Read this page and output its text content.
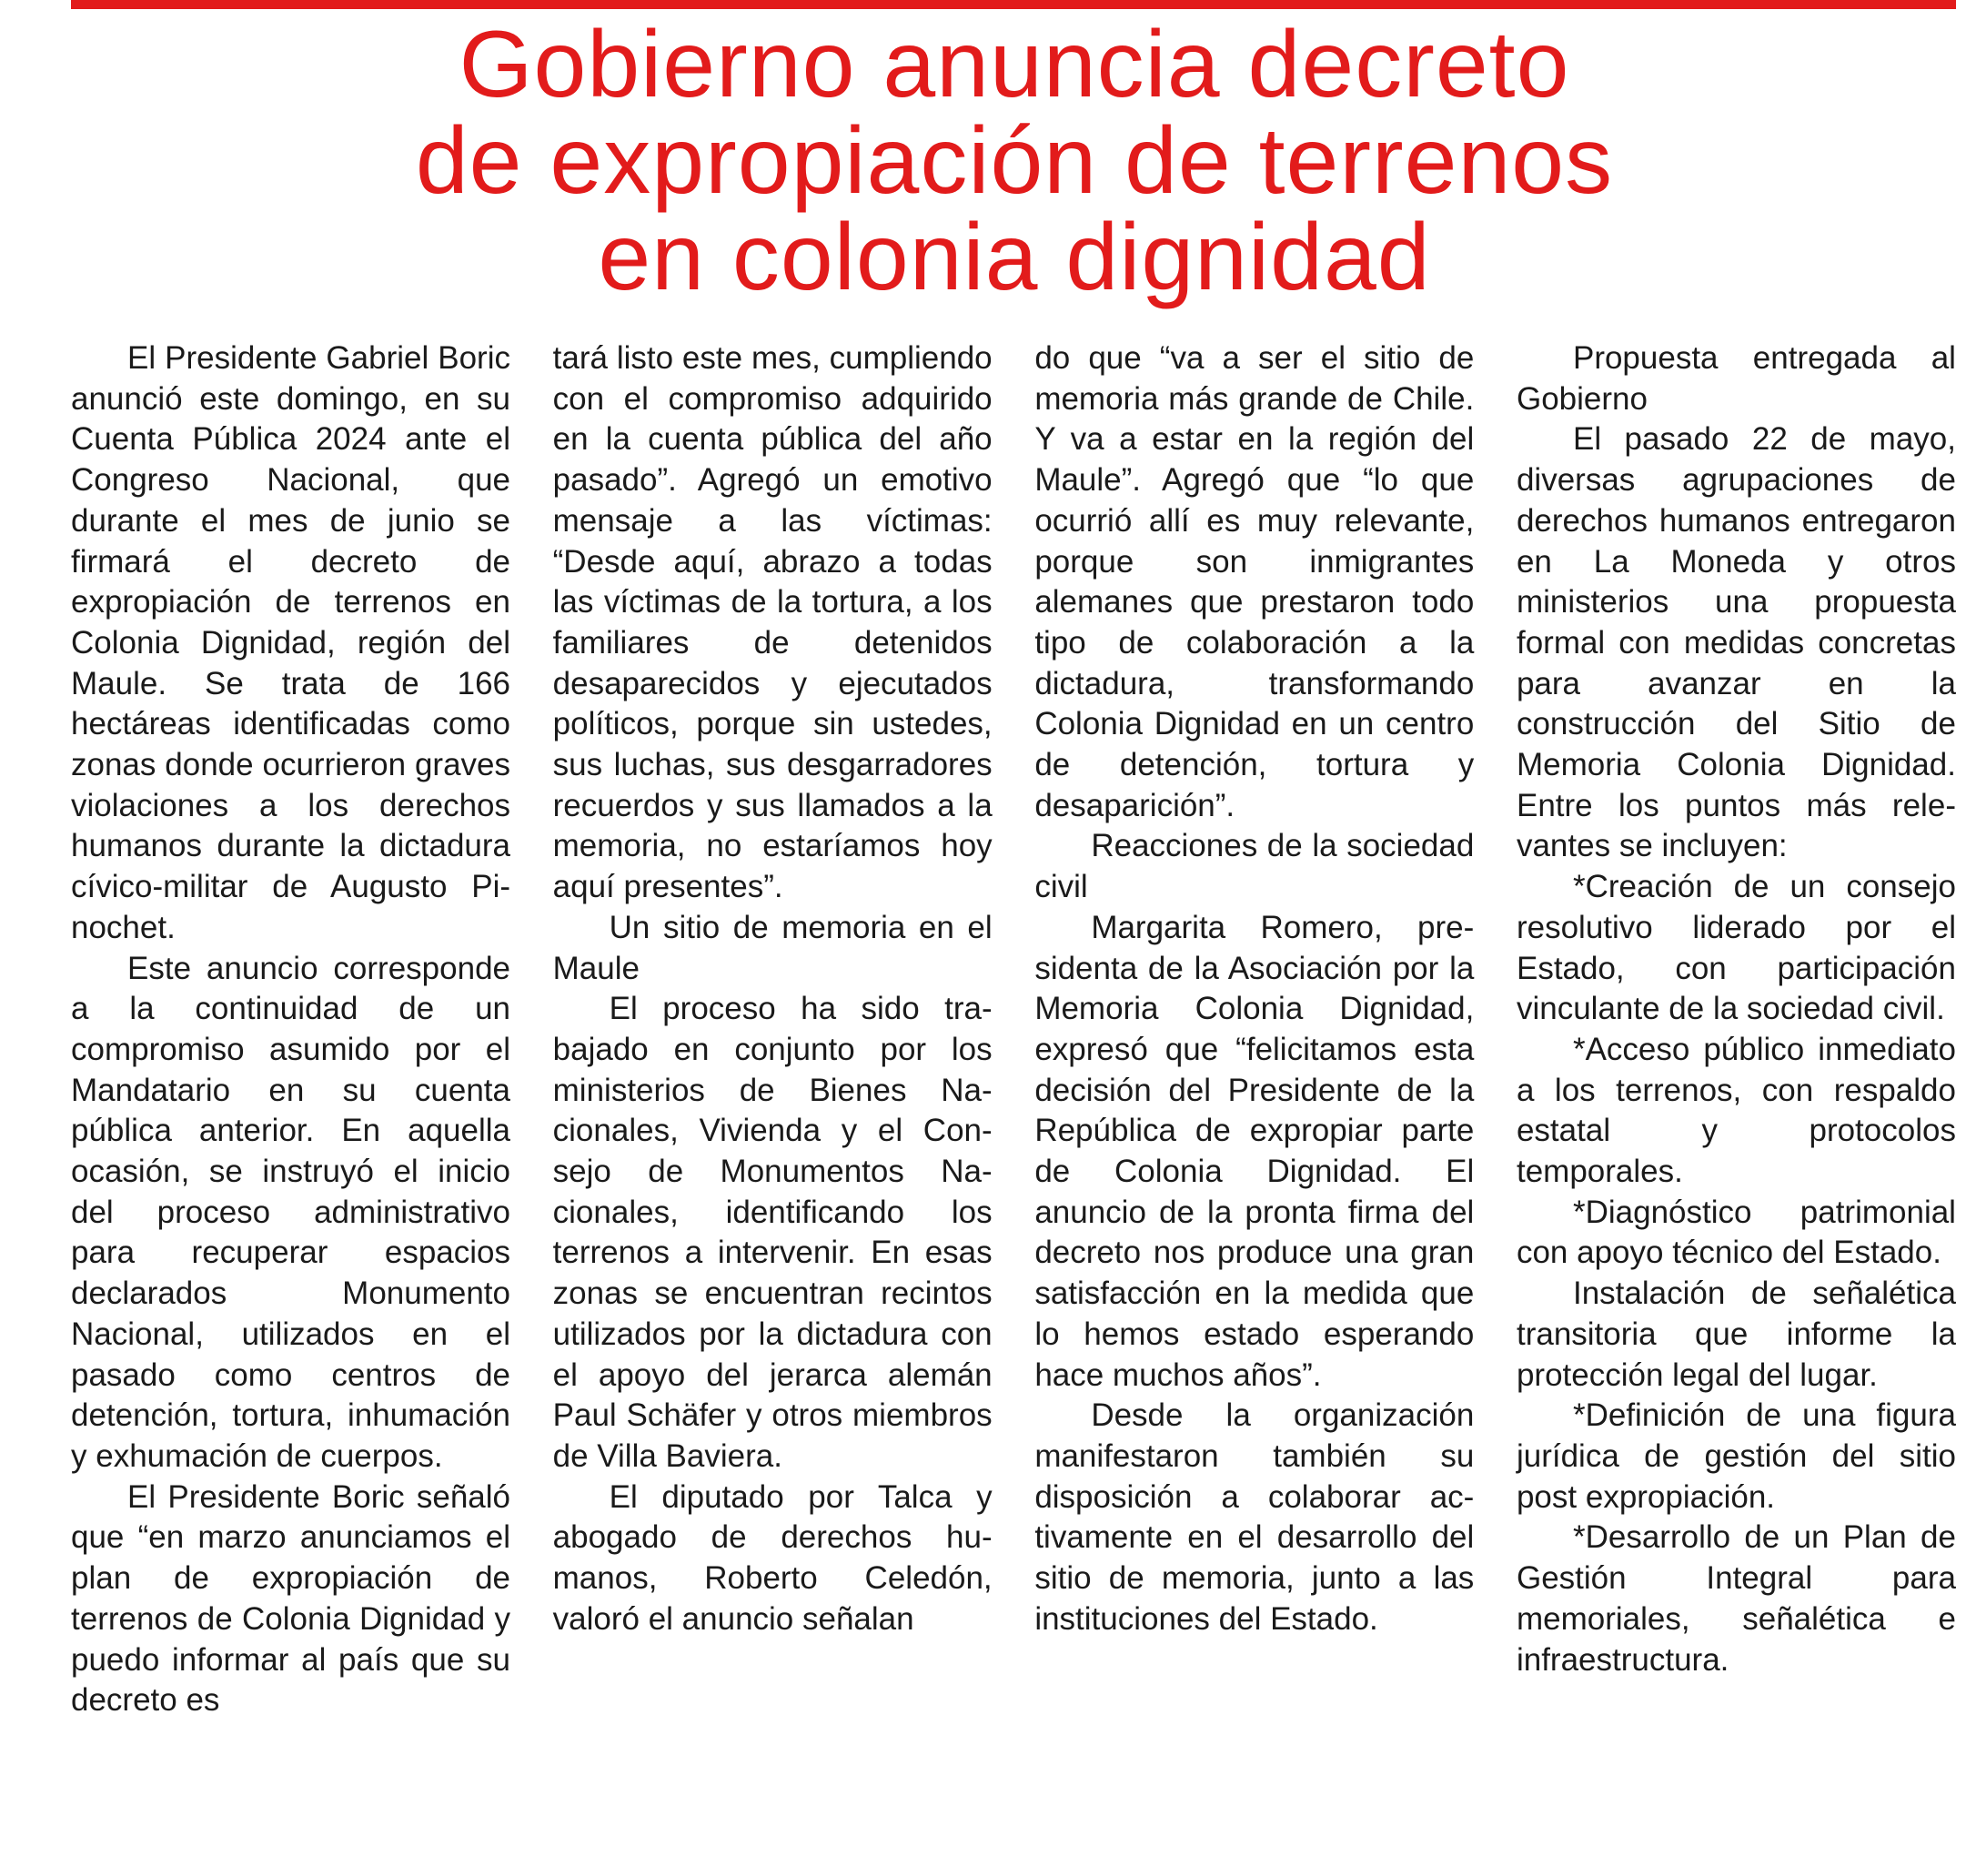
Gobierno anuncia decreto
de expropiación de terrenos
en colonia dignidad

El Presidente Gabriel Boric anunció este domingo, en su Cuenta Pública 2024 ante el Congreso Nacional, que durante el mes de junio se firmará el decreto de expropiación de terrenos en Colonia Dignidad, región del Maule. Se trata de 166 hectáreas identificadas como zonas donde ocurrieron graves violaciones a los derechos humanos durante la dictadura cívico-militar de Augusto Pinochet.

Este anuncio corresponde a la continuidad de un compromiso asumido por el Mandatario en su cuenta pública anterior. En aquella ocasión, se instruyó el inicio del proceso administrativo para recuperar espacios declarados Monumento Nacional, utilizados en el pasado como centros de detención, tortura, inhumación y exhumación de cuerpos.

El Presidente Boric señaló que “en marzo anunciamos el plan de expropiación de terrenos de Colonia Dignidad y puedo informar al país que su decreto es

tará listo este mes, cumpliendo con el compromiso adquirido en la cuenta pública del año pasado”. Agregó un emotivo mensaje a las víctimas: “Desde aquí, abrazo a todas las víctimas de la tortura, a los familiares de detenidos desaparecidos y ejecutados políticos, porque sin ustedes, sus luchas, sus desgarradores recuerdos y sus llamados a la memoria, no estaríamos hoy aquí presentes”.

Un sitio de memoria en el Maule

El proceso ha sido trabajado en conjunto por los ministerios de Bienes Nacionales, Vivienda y el Consejo de Monumentos Nacionales, identificando los terrenos a intervenir. En esas zonas se encuentran recintos utilizados por la dictadura con el apoyo del jerarca alemán Paul Schäfer y otros miembros de Villa Baviera.

El diputado por Talca y abogado de derechos humanos, Roberto Celedón, valoró el anuncio señalan

do que “va a ser el sitio de memoria más grande de Chile. Y va a estar en la región del Maule”. Agregó que “lo que ocurrió allí es muy relevante, porque son inmigrantes alemanes que prestaron todo tipo de colaboración a la dictadura, transformando Colonia Dignidad en un centro de detención, tortura y desaparición”.

Reacciones de la sociedad civil

Margarita Romero, presidenta de la Asociación por la Memoria Colonia Dignidad, expresó que “felicitamos esta decisión del Presidente de la República de expropiar parte de Colonia Dignidad. El anuncio de la pronta firma del decreto nos produce una gran satisfacción en la medida que lo hemos estado esperando hace muchos años”.

Desde la organización manifestaron también su disposición a colaborar activamente en el desarrollo del sitio de memoria, junto a las instituciones del Estado.

Propuesta entregada al Gobierno

El pasado 22 de mayo, diversas agrupaciones de derechos humanos entregaron en La Moneda y otros ministerios una propuesta formal con medidas concretas para avanzar en la construcción del Sitio de Memoria Colonia Dignidad. Entre los puntos más relevantes se incluyen:

*Creación de un consejo resolutivo liderado por el Estado, con participación vinculante de la sociedad civil.

*Acceso público inmediato a los terrenos, con respaldo estatal y protocolos temporales.

*Diagnóstico patrimonial con apoyo técnico del Estado.

Instalación de señalética transitoria que informe la protección legal del lugar.

*Definición de una figura jurídica de gestión del sitio post expropiación.

*Desarrollo de un Plan de Gestión Integral para memoriales, señalética e infraestructura.
